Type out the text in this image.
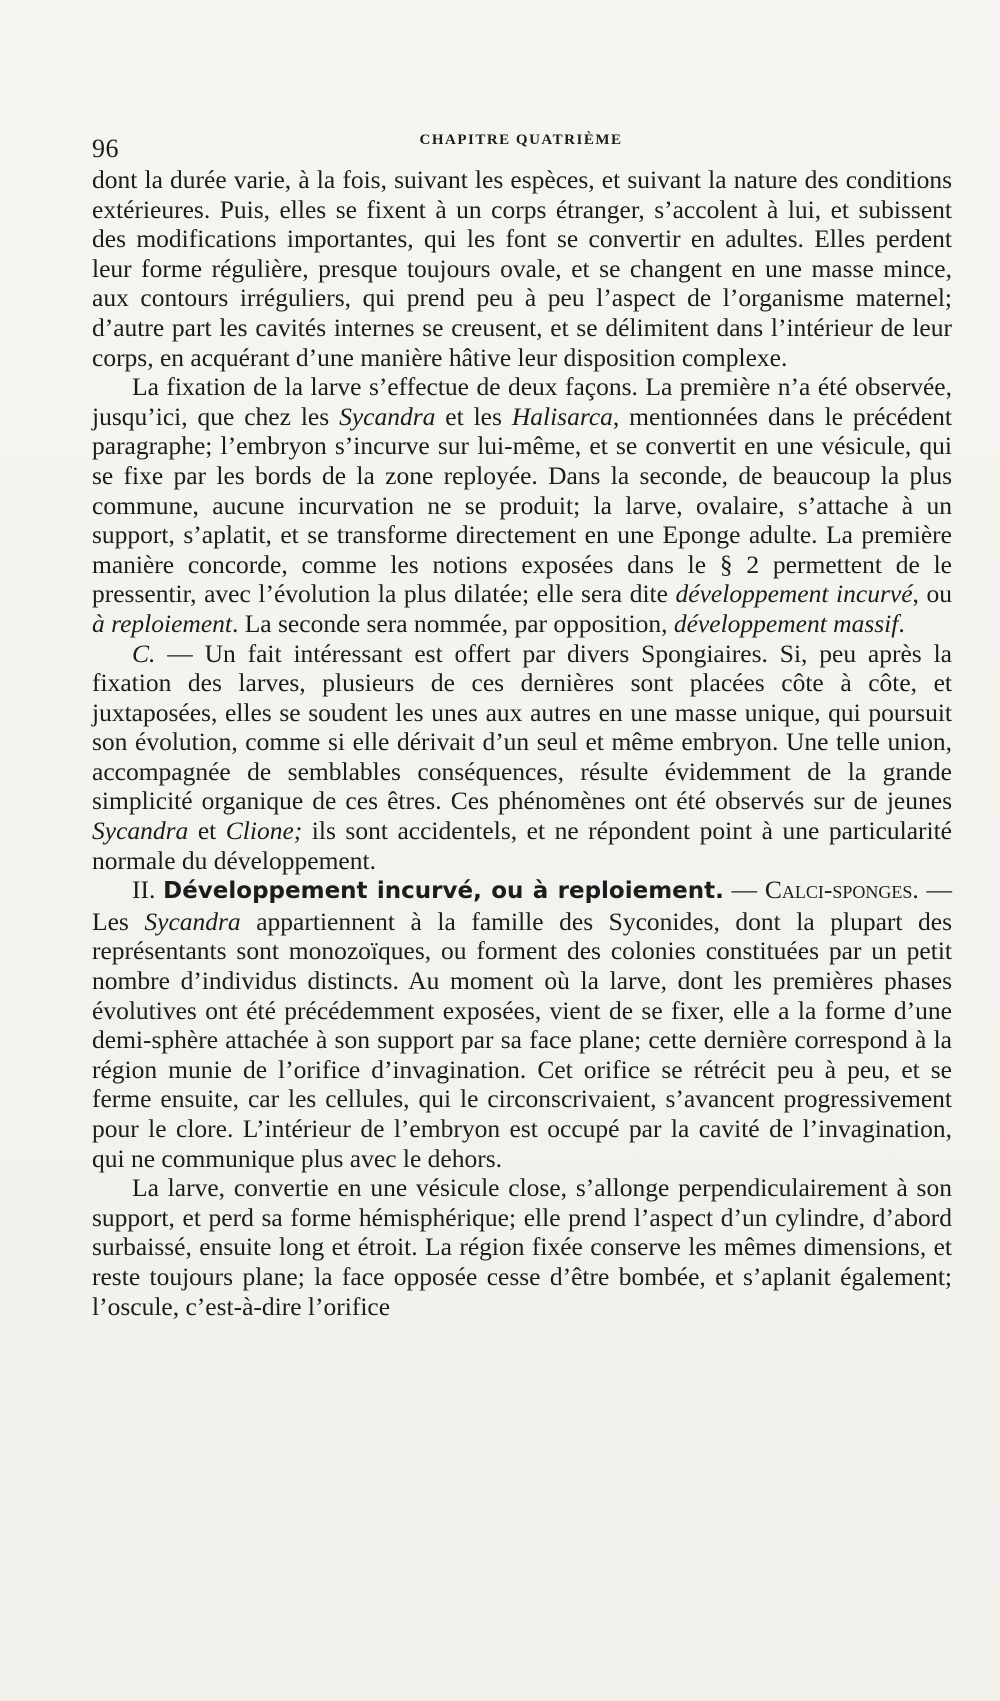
96	CHAPITRE QUATRIÈME

dont la durée varie, à la fois, suivant les espèces, et suivant la nature des conditions extérieures. Puis, elles se fixent à un corps étranger, s’accolent à lui, et subissent des modifications importantes, qui les font se convertir en adultes. Elles perdent leur forme régulière, presque toujours ovale, et se changent en une masse mince, aux contours irréguliers, qui prend peu à peu l’aspect de l’organisme maternel; d’autre part les cavités internes se creusent, et se délimitent dans l’intérieur de leur corps, en acquérant d’une manière hâtive leur disposition complexe.

La fixation de la larve s’effectue de deux façons. La première n’a été observée, jusqu’ici, que chez les Sycandra et les Halisarca, mentionnées dans le précédent paragraphe; l’embryon s’incurve sur lui-même, et se convertit en une vésicule, qui se fixe par les bords de la zone reployée. Dans la seconde, de beaucoup la plus commune, aucune incurvation ne se produit; la larve, ovalaire, s’attache à un support, s’aplatit, et se transforme directement en une Eponge adulte. La première manière concorde, comme les notions exposées dans le § 2 permettent de le pressentir, avec l’évolution la plus dilatée; elle sera dite développement incurvé, ou à reploiement. La seconde sera nommée, par opposition, développement massif.

C. — Un fait intéressant est offert par divers Spongiaires. Si, peu après la fixation des larves, plusieurs de ces dernières sont placées côte à côte, et juxtaposées, elles se soudent les unes aux autres en une masse unique, qui poursuit son évolution, comme si elle dérivait d’un seul et même embryon. Une telle union, accompagnée de semblables conséquences, résulte évidemment de la grande simplicité organique de ces êtres. Ces phénomènes ont été observés sur de jeunes Sycandra et Clione; ils sont accidentels, et ne répondent point à une particularité normale du développement.

II. Développement incurvé, ou à reploiement. — Calci-sponges. — Les Sycandra appartiennent à la famille des Syconides, dont la plupart des représentants sont monozoïques, ou forment des colonies constituées par un petit nombre d’individus distincts. Au moment où la larve, dont les premières phases évolutives ont été précédemment exposées, vient de se fixer, elle a la forme d’une demi-sphère attachée à son support par sa face plane; cette dernière correspond à la région munie de l’orifice d’invagination. Cet orifice se rétrécit peu à peu, et se ferme ensuite, car les cellules, qui le circonscrivaient, s’avancent progressivement pour le clore. L’intérieur de l’embryon est occupé par la cavité de l’invagination, qui ne communique plus avec le dehors.

La larve, convertie en une vésicule close, s’allonge perpendiculairement à son support, et perd sa forme hémisphérique; elle prend l’aspect d’un cylindre, d’abord surbaissé, ensuite long et étroit. La région fixée conserve les mêmes dimensions, et reste toujours plane; la face opposée cesse d’être bombée, et s’aplanit également; l’oscule, c’est-à-dire l’orifice
